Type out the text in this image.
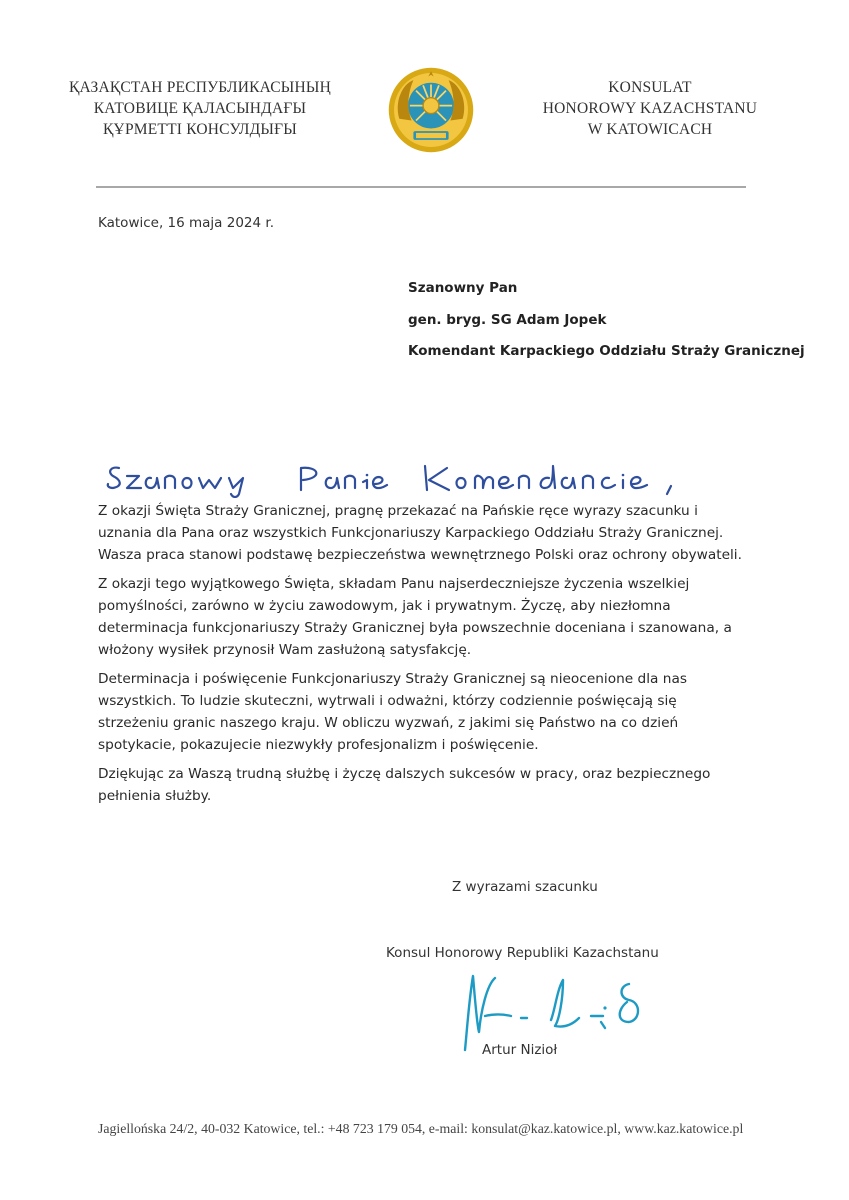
ҚАЗАҚСТАН РЕСПУБЛИКАСЫНЫҢ
КАТОВИЦЕ ҚАЛАСЫНДАҒЫ
ҚҰРМЕТТІ КОНСУЛДЫҒЫ
KONSULAT
HONOROWY KAZACHSTANU
W KATOWICACH
Katowice, 16 maja 2024 r.
Szanowny Pan
gen. bryg. SG Adam Jopek
Komendant Karpackiego Oddziału Straży Granicznej

Z okazji Święta Straży Granicznej, pragnę przekazać na Pańskie ręce wyrazy szacunku i uznania dla Pana oraz wszystkich Funkcjonariuszy Karpackiego Oddziału Straży Granicznej. Wasza praca stanowi podstawę bezpieczeństwa wewnętrznego Polski oraz ochrony obywateli.

Z okazji tego wyjątkowego Święta, składam Panu najserdeczniejsze życzenia wszelkiej pomyślności, zarówno w życiu zawodowym, jak i prywatnym. Życzę, aby niezłomna determinacja funkcjonariuszy Straży Granicznej była powszechnie doceniana i szanowana, a włożony wysiłek przynosił Wam zasłużoną satysfakcję.

Determinacja i poświęcenie Funkcjonariuszy Straży Granicznej są nieocenione dla nas wszystkich. To ludzie skuteczni, wytrwali i odważni, którzy codziennie poświęcają się strzeżeniu granic naszego kraju. W obliczu wyzwań, z jakimi się Państwo na co dzień spotykacie, pokazujecie niezwykły profesjonalizm i poświęcenie.

Dziękując za Waszą trudną służbę i życzę dalszych sukcesów w pracy, oraz bezpiecznego pełnienia służby.

Z wyrazami szacunku
Konsul Honorowy Republiki Kazachstanu
Artur Nizioł
Jagiellońska 24/2, 40-032 Katowice, tel.: +48 723 179 054, e-mail: konsulat@kaz.katowice.pl, www.kaz.katowice.pl
